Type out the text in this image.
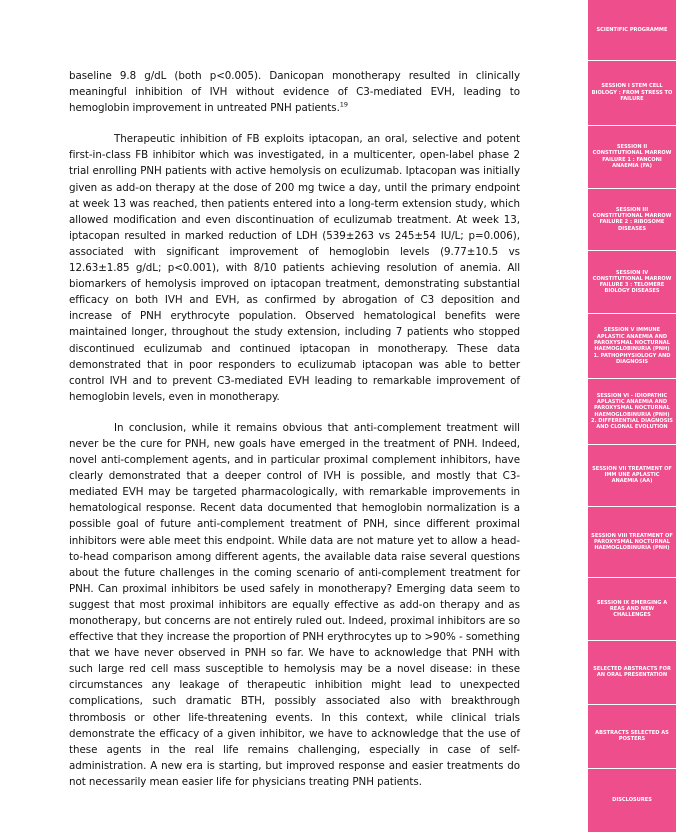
baseline 9.8 g/dL (both p<0.005). Danicopan monotherapy resulted in clinically meaningful inhibition of IVH without evidence of C3-mediated EVH, leading to hemoglobin improvement in untreated PNH patients.$^{19}$

Therapeutic inhibition of FB exploits iptacopan, an oral, selective and potent first-in-class FB inhibitor which was investigated, in a multicenter, open-label phase 2 trial enrolling PNH patients with active hemolysis on eculizumab. Iptacopan was initially given as add-on therapy at the dose of 200 mg twice a day, until the primary endpoint at week 13 was reached, then patients entered into a long-term extension study, which allowed modification and even discontinuation of eculizumab treatment. At week 13, iptacopan resulted in marked reduction of LDH (539±263 vs 245±54 IU/L; p=0.006), associated with significant improvement of hemoglobin levels (9.77±10.5 vs 12.63±1.85 g/dL; p<0.001), with 8/10 patients achieving resolution of anemia. All biomarkers of hemolysis improved on iptacopan treatment, demonstrating substantial efficacy on both IVH and EVH, as confirmed by abrogation of C3 deposition and increase of PNH erythrocyte population. Observed hematological benefits were maintained longer, throughout the study extension, including 7 patients who stopped discontinued eculizumab and continued iptacopan in monotherapy. These data demonstrated that in poor responders to eculizumab iptacopan was able to better control IVH and to prevent C3-mediated EVH leading to remarkable improvement of hemoglobin levels, even in monotherapy.

In conclusion, while it remains obvious that anti-complement treatment will never be the cure for PNH, new goals have emerged in the treatment of PNH. Indeed, novel anti-complement agents, and in particular proximal complement inhibitors, have clearly demonstrated that a deeper control of IVH is possible, and mostly that C3-mediated EVH may be targeted pharmacologically, with remarkable improvements in hematological response. Recent data documented that hemoglobin normalization is a possible goal of future anti-complement treatment of PNH, since different proximal inhibitors were able meet this endpoint. While data are not mature yet to allow a head-to-head comparison among different agents, the available data raise several questions about the future challenges in the coming scenario of anti-complement treatment for PNH. Can proximal inhibitors be used safely in monotherapy? Emerging data seem to suggest that most proximal inhibitors are equally effective as add-on therapy and as monotherapy, but concerns are not entirely ruled out. Indeed, proximal inhibitors are so effective that they increase the proportion of PNH erythrocytes up to >90% - something that we have never observed in PNH so far. We have to acknowledge that PNH with such large red cell mass susceptible to hemolysis may be a novel disease: in these circumstances any leakage of therapeutic inhibition might lead to unexpected complications, such dramatic BTH, possibly associated also with breakthrough thrombosis or other life-threatening events. In this context, while clinical trials demonstrate the efficacy of a given inhibitor, we have to acknowledge that the use of these agents in the real life remains challenging, especially in case of self-administration. A new era is starting, but improved response and easier treatments do not necessarily mean easier life for physicians treating PNH patients.

SCIENTIFIC PROGRAMME
SESSION I STEM CELL BIOLOGY : FROM STRESS TO FAILURE
SESSION II CONSTITUTIONAL MARROW FAILURE 1 : FANCONI ANAEMIA (FA)
SESSION III CONSTITUTIONAL MARROW FAILURE 2 : RIBOSOME DISEASES
SESSION IV CONSTITUTIONAL MARROW FAILURE 3 : TELOMERE BIOLOGY DISEASES
SESSION V IMMUNE APLASTIC ANAEMIA AND PAROXYSMAL NOCTURNAL HAEMOGLOBINURIA (PNH) 1. PATHOPHYSIOLOGY AND DIAGNOSIS
SESSION VI - IDIOPATHIC APLASTIC ANAEMIA AND PAROXYSMAL NOCTURNAL HAEMOGLOBINURIA (PNH) 2. DIFFERENTIAL DIAGNOSIS AND CLONAL EVOLUTION
SESSION VII TREATMENT OF IMM UNE APLASTIC ANAEMIA (AA)
SESSION VIII TREATMENT OF PAROXYSMAL NOCTURNAL HAEMOGLOBINURIA (PNH)
SESSION IX EMERGING A REAS AND NEW CHALLENGES
SELECTED ABSTRACTS FOR AN ORAL PRESENTATION
ABSTRACTS SELECTED AS POSTERS
DISCLOSURES
